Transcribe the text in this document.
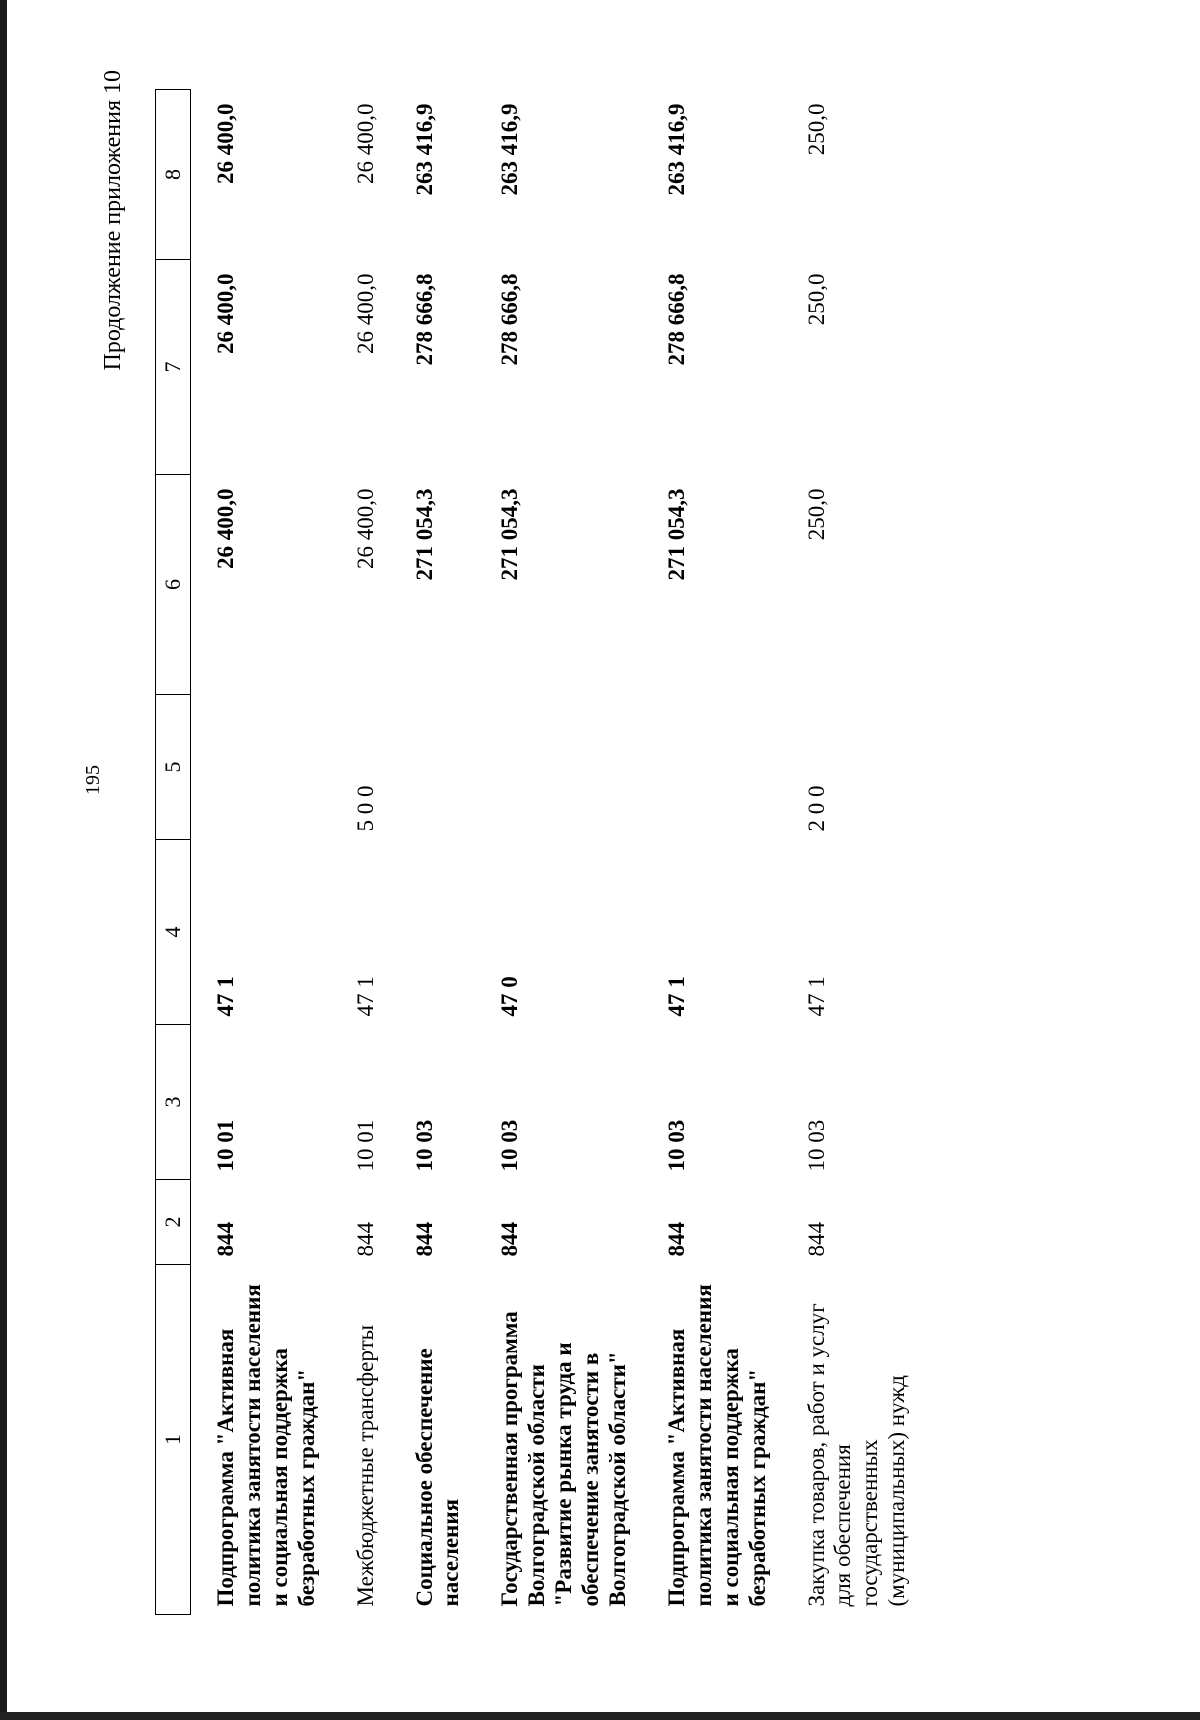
195
Продолжение приложения 10
1	2	3	4	5	6	7	8
Подпрограмма "Активная политика занятости населения и социальная поддержка безработных граждан"	844	10 01	47 1		26 400,0	26 400,0	26 400,0
Межбюджетные трансферты	844	10 01	47 1	5 0 0	26 400,0	26 400,0	26 400,0
Социальное обеспечение населения	844	10 03			271 054,3	278 666,8	263 416,9
Государственная программа Волгоградской области "Развитие рынка труда и обеспечение занятости в Волгоградской области"	844	10 03	47 0		271 054,3	278 666,8	263 416,9
Подпрограмма "Активная политика занятости населения и социальная поддержка безработных граждан"	844	10 03	47 1		271 054,3	278 666,8	263 416,9
Закупка товаров, работ и услуг для обеспечения государственных (муниципальных) нужд	844	10 03	47 1	2 0 0	250,0	250,0	250,0
